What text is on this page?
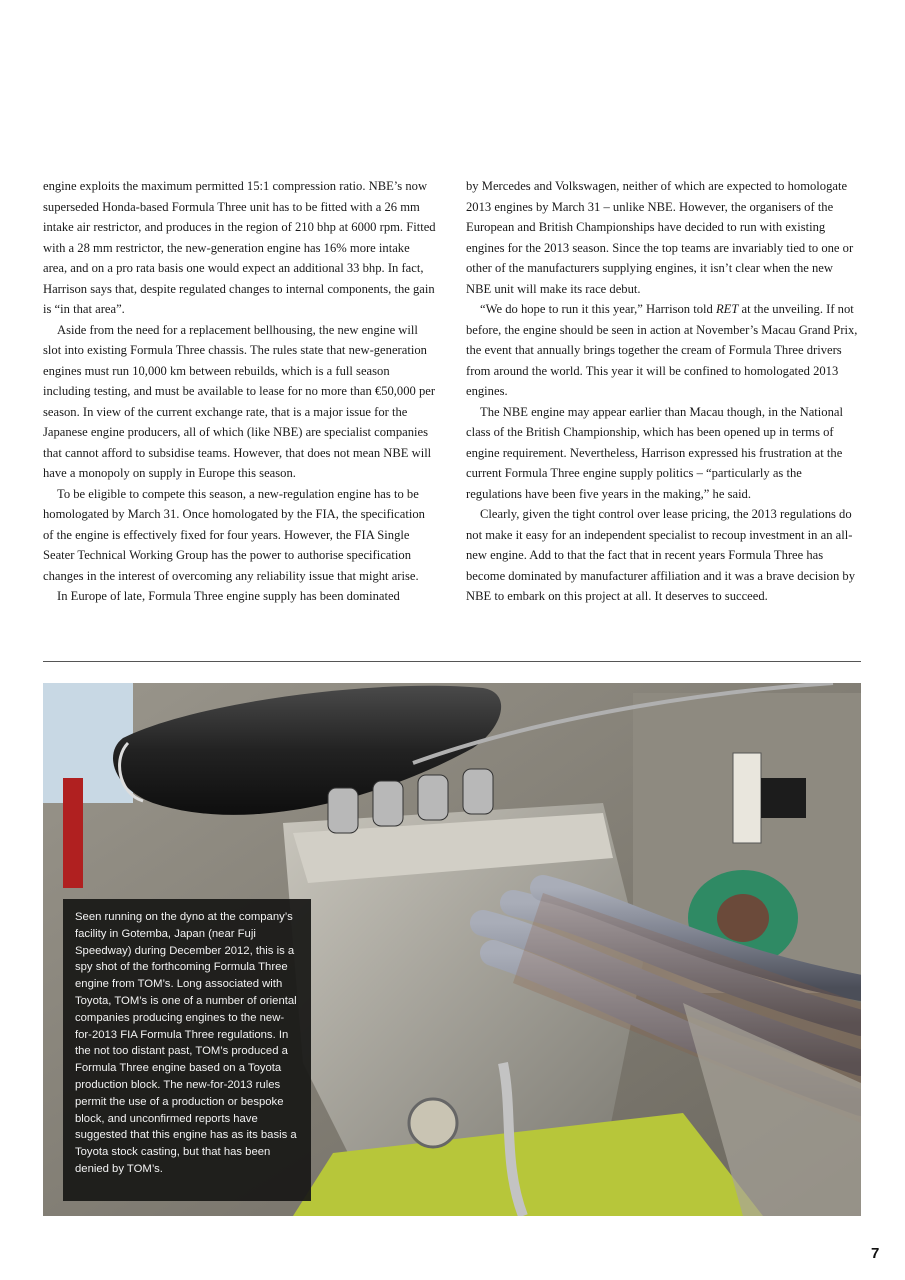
engine exploits the maximum permitted 15:1 compression ratio. NBE’s now superseded Honda-based Formula Three unit has to be fitted with a 26 mm intake air restrictor, and produces in the region of 210 bhp at 6000 rpm. Fitted with a 28 mm restrictor, the new-generation engine has 16% more intake area, and on a pro rata basis one would expect an additional 33 bhp. In fact, Harrison says that, despite regulated changes to internal components, the gain is “in that area”.

Aside from the need for a replacement bellhousing, the new engine will slot into existing Formula Three chassis. The rules state that new-generation engines must run 10,000 km between rebuilds, which is a full season including testing, and must be available to lease for no more than €50,000 per season. In view of the current exchange rate, that is a major issue for the Japanese engine producers, all of which (like NBE) are specialist companies that cannot afford to subsidise teams. However, that does not mean NBE will have a monopoly on supply in Europe this season.

To be eligible to compete this season, a new-regulation engine has to be homologated by March 31. Once homologated by the FIA, the specification of the engine is effectively fixed for four years. However, the FIA Single Seater Technical Working Group has the power to authorise specification changes in the interest of overcoming any reliability issue that might arise.

In Europe of late, Formula Three engine supply has been dominated

by Mercedes and Volkswagen, neither of which are expected to homologate 2013 engines by March 31 – unlike NBE. However, the organisers of the European and British Championships have decided to run with existing engines for the 2013 season. Since the top teams are invariably tied to one or other of the manufacturers supplying engines, it isn’t clear when the new NBE unit will make its race debut.

“We do hope to run it this year,” Harrison told RET at the unveiling. If not before, the engine should be seen in action at November’s Macau Grand Prix, the event that annually brings together the cream of Formula Three drivers from around the world. This year it will be confined to homologated 2013 engines.

The NBE engine may appear earlier than Macau though, in the National class of the British Championship, which has been opened up in terms of engine requirement. Nevertheless, Harrison expressed his frustration at the current Formula Three engine supply politics – “particularly as the regulations have been five years in the making,” he said.

Clearly, given the tight control over lease pricing, the 2013 regulations do not make it easy for an independent specialist to recoup investment in an all-new engine. Add to that the fact that in recent years Formula Three has become dominated by manufacturer affiliation and it was a brave decision by NBE to embark on this project at all. It deserves to succeed.

Seen running on the dyno at the company’s facility in Gotemba, Japan (near Fuji Speedway) during December 2012, this is a spy shot of the forthcoming Formula Three engine from TOM’s. Long associated with Toyota, TOM’s is one of a number of oriental companies producing engines to the new-for-2013 FIA Formula Three regulations. In the not too distant past, TOM’s produced a Formula Three engine based on a Toyota production block. The new-for-2013 rules permit the use of a production or bespoke block, and unconfirmed reports have suggested that this engine has as its basis a Toyota stock casting, but that has been denied by TOM’s.
7
